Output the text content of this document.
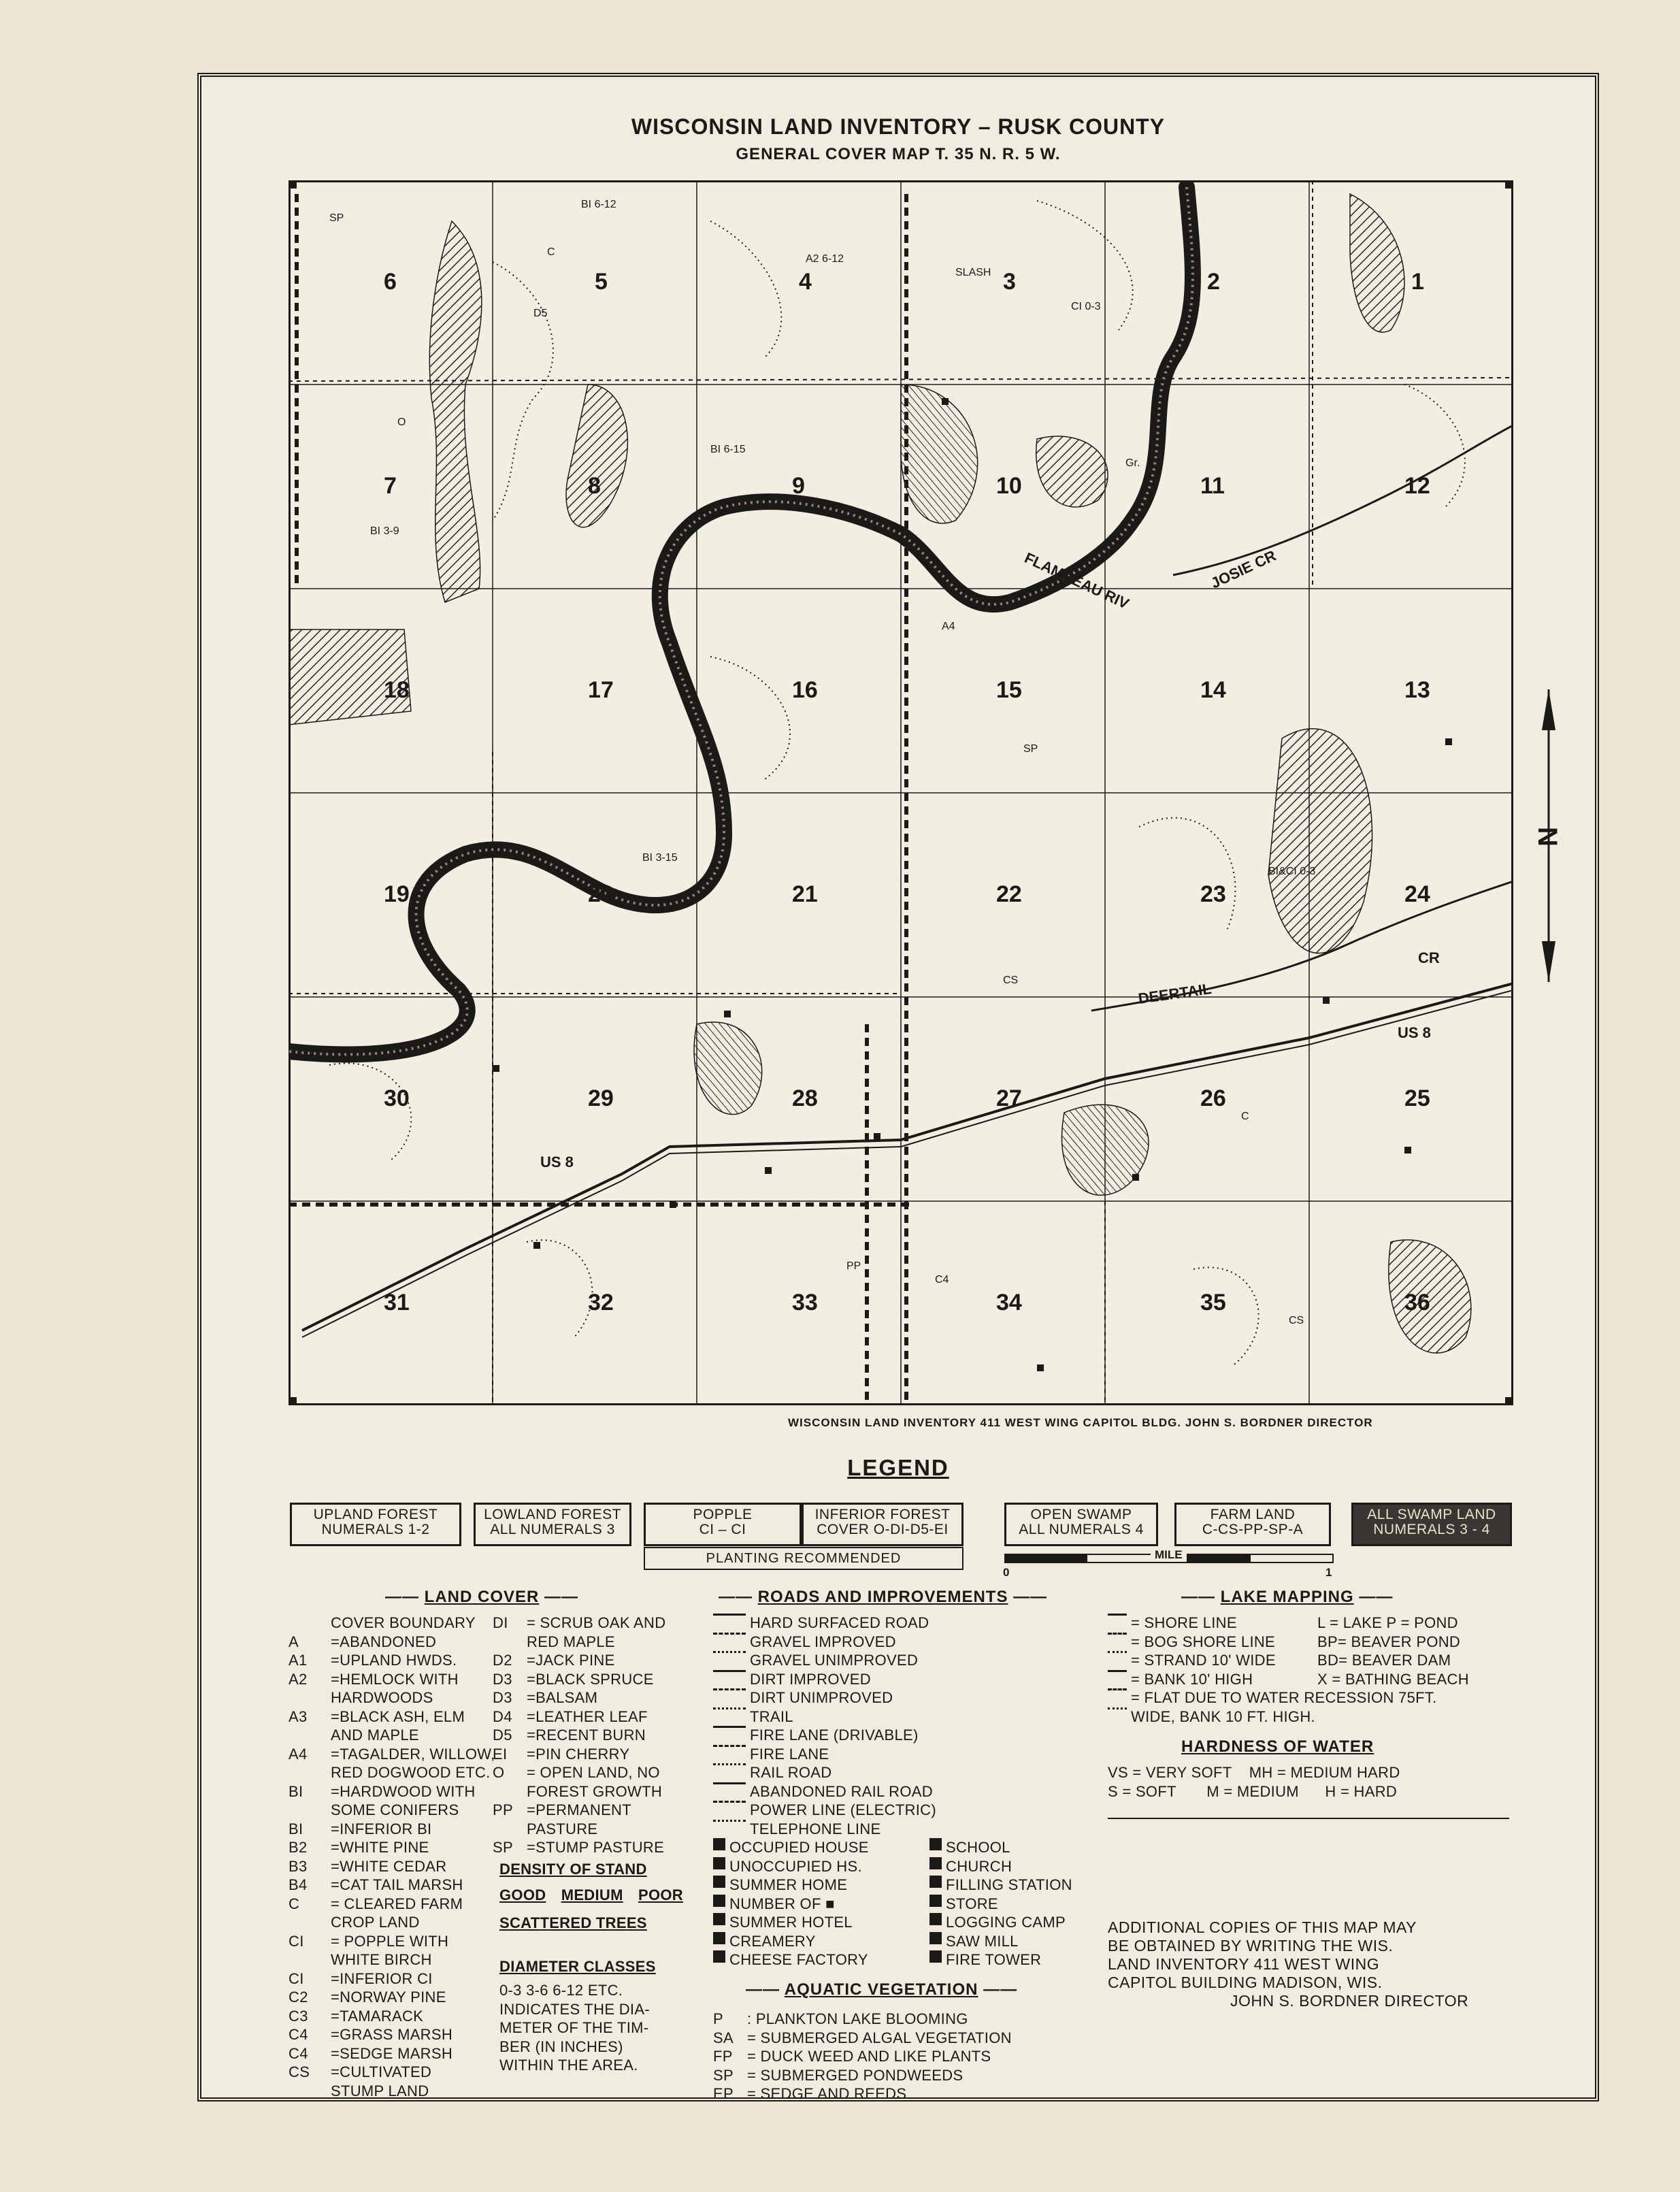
WISCONSIN LAND INVENTORY – RUSK COUNTY
GENERAL COVER MAP T. 35 N. R. 5 W.
1
2
3
4
5
6
7	8	9	10	11	12
13
14
15
16
17
18
19	20	21	22	23	24
25
26
27
28
29
30
31	32	33	34	35	36
FLAMBEAU RIV	JOSIE CR
DEERTAIL
CR
US 8
US 8
SP
C
D5
O
CI 0-3
BI 6-12
A2 6-12
SLASH
CS
BI 3-9
A4
BI 3-15
BI&CI 0-3
Gr.
PP
C4
BI 6-15
SP
C
CS
N
WISCONSIN LAND INVENTORY 411 WEST WING CAPITOL BLDG. JOHN S. BORDNER DIRECTOR
LEGEND
UPLAND FOREST
NUMERALS 1-2
LOWLAND FOREST
ALL NUMERALS 3
POPPLE
CI – CI
INFERIOR FOREST
COVER O-DI-D5-EI
PLANTING RECOMMENDED
OPEN SWAMP
ALL NUMERALS 4
FARM LAND
C-CS-PP-SP-A
ALL SWAMP LAND
NUMERALS 3 - 4
0
MILE
1
—— LAND COVER ——
COVER BOUNDARY
A	=ABANDONED
A1	=UPLAND HWDS.
A2	=HEMLOCK WITH
HARDWOODS
A3	=BLACK ASH, ELM
AND MAPLE
A4	=TAGALDER, WILLOW,
RED DOGWOOD ETC.
BI	=HARDWOOD WITH
SOME CONIFERS
BI	=INFERIOR BI
B2	=WHITE PINE
B3	=WHITE CEDAR
B4	=CAT TAIL MARSH
C	= CLEARED FARM
CROP LAND
CI	= POPPLE WITH
WHITE BIRCH
CI	=INFERIOR CI
C2	=NORWAY PINE
C3	=TAMARACK
C4	=GRASS MARSH
C4	=SEDGE MARSH
CS	=CULTIVATED
STUMP LAND
DI	= SCRUB OAK AND
RED MAPLE
D2 =JACK PINE
D3 =BLACK SPRUCE
D3 =BALSAM
D4 =LEATHER LEAF
D5 =RECENT BURN
EI	=PIN CHERRY
O	= OPEN LAND, NO
FOREST GROWTH
PP =PERMANENT
PASTURE
SP =STUMP PASTURE
DENSITY OF STAND
GOOD MEDIUM POOR
SCATTERED TREES
DIAMETER CLASSES
0-3 3-6 6-12 ETC.
INDICATES THE DIA-
METER OF THE TIM-
BER (IN INCHES)
WITHIN THE AREA.
—— ROADS AND IMPROVEMENTS ——
HARD SURFACED ROAD
GRAVEL IMPROVED
GRAVEL UNIMPROVED
DIRT IMPROVED
DIRT UNIMPROVED
TRAIL
FIRE LANE (DRIVABLE)
FIRE LANE
RAIL ROAD
ABANDONED RAIL ROAD
POWER LINE (ELECTRIC)
TELEPHONE LINE
OCCUPIED HOUSE
UNOCCUPIED HS.
SUMMER HOME
NUMBER OF ■
SUMMER HOTEL
CREAMERY
CHEESE FACTORY
SCHOOL
CHURCH
FILLING STATION
STORE
LOGGING CAMP
SAW MILL
FIRE TOWER
—— AQUATIC VEGETATION ——
P	: PLANKTON LAKE BLOOMING
SA = SUBMERGED ALGAL VEGETATION
FP = DUCK WEED AND LIKE PLANTS
SP = SUBMERGED PONDWEEDS
EP = SEDGE AND REEDS
—— LAKE MAPPING ——
= SHORE LINE
= BOG SHORE LINE
= STRAND 10' WIDE
= BANK 10' HIGH
= FLAT DUE TO WATER RECESSION 75FT.
WIDE, BANK 10 FT. HIGH.
L = LAKE P = POND
BP= BEAVER POND
BD= BEAVER DAM
X = BATHING BEACH
HARDNESS OF WATER
VS = VERY SOFT    MH = MEDIUM HARD
S = SOFT       M = MEDIUM      H = HARD
ADDITIONAL COPIES OF THIS MAP MAY
BE OBTAINED BY WRITING THE WIS.
LAND INVENTORY 411 WEST WING
CAPITOL BUILDING MADISON, WIS.
JOHN S. BORDNER DIRECTOR
